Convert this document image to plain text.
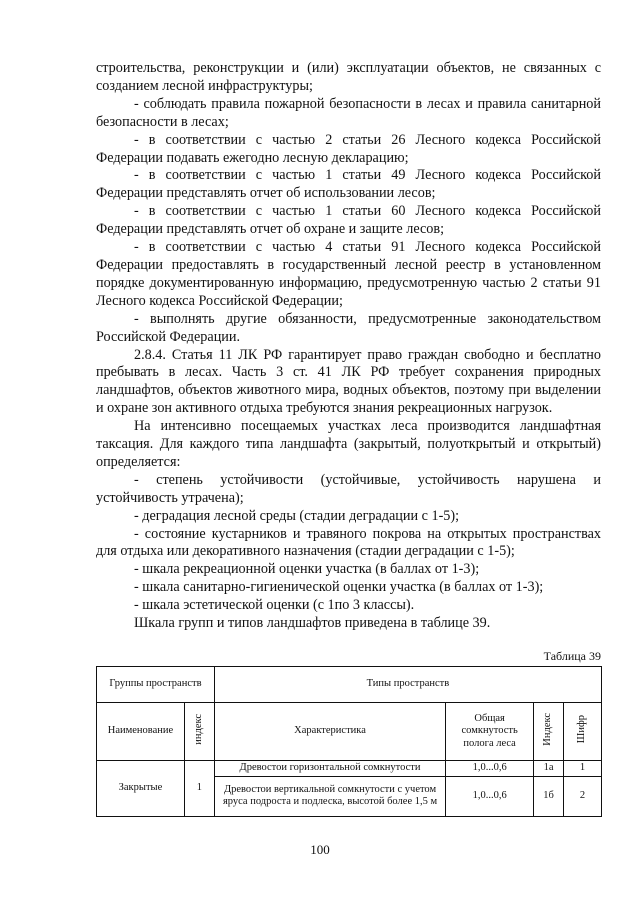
строительства, реконструкции и (или) эксплуатации объектов, не связанных с созданием лесной инфраструктуры;

- соблюдать правила пожарной безопасности в лесах и правила санитарной безопасности в лесах;

- в соответствии с частью 2 статьи 26 Лесного кодекса Российской Федерации подавать ежегодно лесную декларацию;

- в соответствии с частью 1 статьи 49 Лесного кодекса Российской Федерации представлять отчет об использовании лесов;

- в соответствии с частью 1 статьи 60 Лесного кодекса Российской Федерации представлять отчет об охране и защите лесов;

- в соответствии с частью 4 статьи 91 Лесного кодекса Российской Федерации предоставлять в государственный лесной реестр в установленном порядке документированную информацию, предусмотренную частью 2 статьи 91 Лесного кодекса Российской Федерации;

- выполнять другие обязанности, предусмотренные законодательством Российской Федерации.

2.8.4. Статья 11 ЛК РФ гарантирует право граждан свободно и бесплатно пребывать в лесах. Часть 3 ст. 41 ЛК РФ требует сохранения природных ландшафтов, объектов животного мира, водных объектов, поэтому при выделении и охране зон активного отдыха требуются знания рекреационных нагрузок.

На интенсивно посещаемых участках леса производится ландшафтная таксация. Для каждого типа ландшафта (закрытый, полуоткрытый и открытый) определяется:

- степень устойчивости (устойчивые, устойчивость нарушена и устойчивость утрачена);

- деградация лесной среды (стадии деградации с 1-5);

- состояние кустарников и травяного покрова на открытых пространствах для отдыха или декоративного назначения (стадии деградации с 1-5);

- шкала рекреационной оценки участка (в баллах от 1-3);

- шкала санитарно-гигиенической оценки участка (в баллах от 1-3);

- шкала эстетической оценки (с 1по 3 классы).

Шкала групп и типов ландшафтов приведена в таблице 39.

Таблица 39
Группы пространств		Типы пространств			
Наименование	индекс	Характеристика	Общая сомкнутость полога леса	Индекс	Шифр
Закрытые	1	Древостои горизонтальной сомкнутости	1,0...0,6	1а	1
		Древостои вертикальной сомкнутости с учетом яруса подроста и подлеска, высотой более 1,5 м	1,0...0,6	1б	2
100
